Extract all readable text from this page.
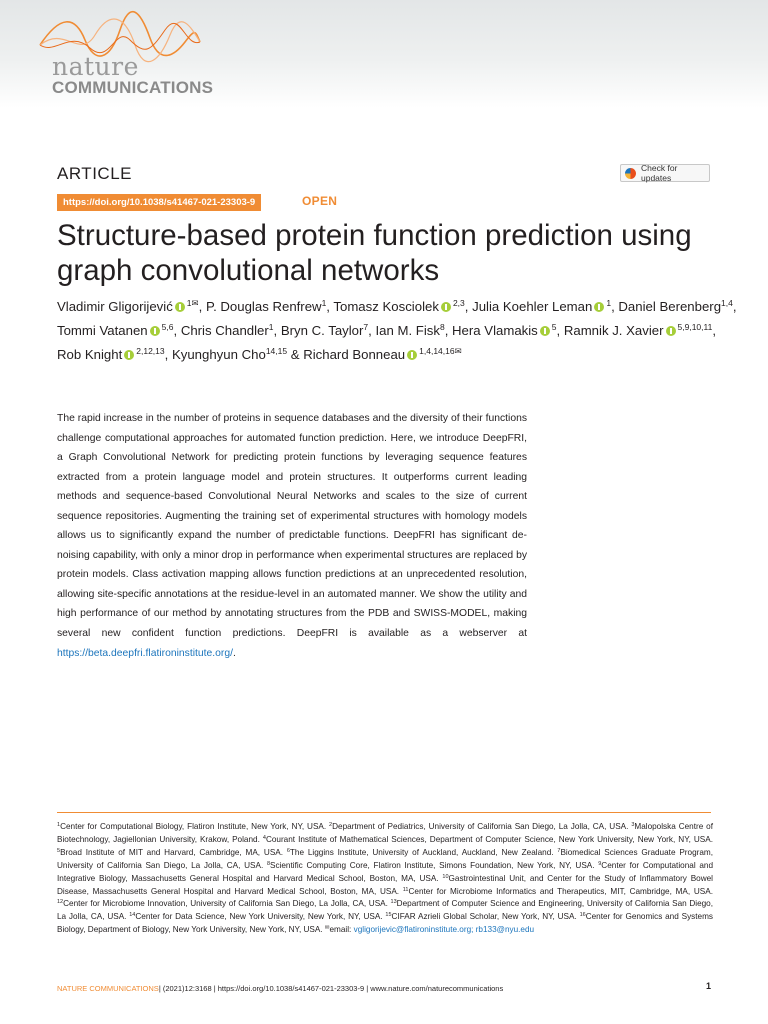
nature
COMMUNICATIONS
ARTICLE	Check for updates
https://doi.org/10.1038/s41467-021-23303-9	OPEN
Structure-based protein function prediction using graph convolutional networks
Vladimir Gligorijević $^{1✉}$, P. Douglas Renfrew$^1$, Tomasz Kosciolek $^{2,3}$, Julia Koehler Leman $^1$, Daniel Berenberg$^{1,4}$, Tommi Vatanen $^{5,6}$, Chris Chandler$^1$, Bryn C. Taylor$^7$, Ian M. Fisk$^8$, Hera Vlamakis $^5$, Ramnik J. Xavier $^{5,9,10,11}$, Rob Knight $^{2,12,13}$, Kyunghyun Cho$^{14,15}$ & Richard Bonneau $^{1,4,14,16✉}$

The rapid increase in the number of proteins in sequence databases and the diversity of their functions challenge computational approaches for automated function prediction. Here, we introduce DeepFRI, a Graph Convolutional Network for predicting protein functions by leveraging sequence features extracted from a protein language model and protein structures. It outperforms current leading methods and sequence-based Convolutional Neural Networks and scales to the size of current sequence repositories. Augmenting the training set of experimental structures with homology models allows us to significantly expand the number of predictable functions. DeepFRI has significant de-noising capability, with only a minor drop in performance when experimental structures are replaced by protein models. Class activation mapping allows function predictions at an unprecedented resolution, allowing site-specific annotations at the residue-level in an automated manner. We show the utility and high performance of our method by annotating structures from the PDB and SWISS-MODEL, making several new confident function predictions. DeepFRI is available as a webserver at https://beta.deepfri.flatironinstitute.org/.

$^1$Center for Computational Biology, Flatiron Institute, New York, NY, USA. $^2$Department of Pediatrics, University of California San Diego, La Jolla, CA, USA. $^3$Malopolska Centre of Biotechnology, Jagiellonian University, Krakow, Poland. $^4$Courant Institute of Mathematical Sciences, Department of Computer Science, New York University, New York, NY, USA. $^5$Broad Institute of MIT and Harvard, Cambridge, MA, USA. $^6$The Liggins Institute, University of Auckland, Auckland, New Zealand. $^7$Biomedical Sciences Graduate Program, University of California San Diego, La Jolla, CA, USA. $^8$Scientific Computing Core, Flatiron Institute, Simons Foundation, New York, NY, USA. $^9$Center for Computational and Integrative Biology, Massachusetts General Hospital and Harvard Medical School, Boston, MA, USA. $^{10}$Gastrointestinal Unit, and Center for the Study of Inflammatory Bowel Disease, Massachusetts General Hospital and Harvard Medical School, Boston, MA, USA. $^{11}$Center for Microbiome Informatics and Therapeutics, MIT, Cambridge, MA, USA. $^{12}$Center for Microbiome Innovation, University of California San Diego, La Jolla, CA, USA. $^{13}$Department of Computer Science and Engineering, University of California San Diego, La Jolla, CA, USA. $^{14}$Center for Data Science, New York University, New York, NY, USA. $^{15}$CIFAR Azrieli Global Scholar, New York, NY, USA. $^{16}$Center for Genomics and Systems Biology, Department of Biology, New York University, New York, NY, USA. ✉email: vgligorijevic@flatironinstitute.org; rb133@nyu.edu

NATURE COMMUNICATIONS | (2021)12:3168 | https://doi.org/10.1038/s41467-021-23303-9 | www.nature.com/naturecommunications	1
